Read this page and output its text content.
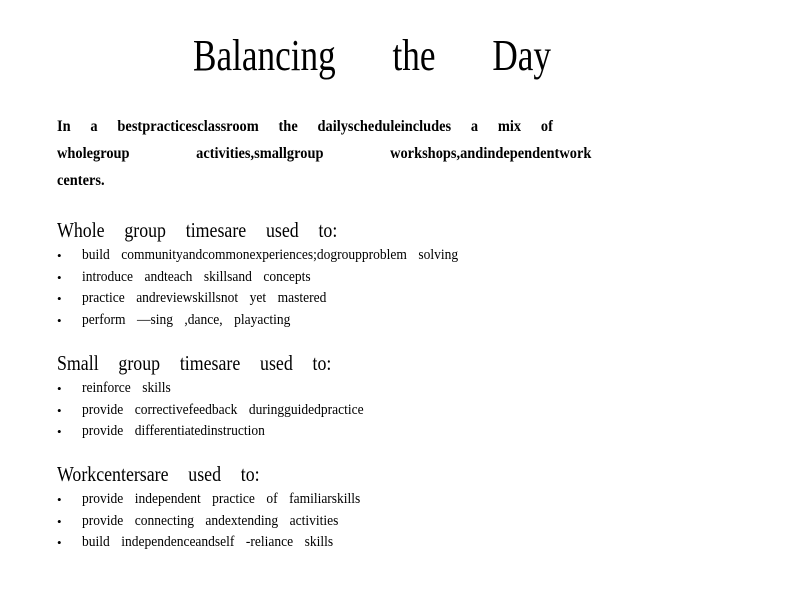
Balancing the Day
In a bestpracticesclassroom the dailyscheduleincludes a mix of
wholegroup activities,smallgroup workshops,andindependentwork
centers.
Whole group timesare used to:
• build communityandcommonexperiences;dogroupproblem solving
• introduce andteach skillsand concepts
• practice andreviewskillsnot yet mastered
• perform —sing ,dance, playacting
Small group timesare used to:
• reinforce skills
• provide correctivefeedback duringguidedpractice
• provide differentiatedinstruction
Workcentersare used to:
• provide independent practice of familiarskills
• provide connecting andextending activities
• build independenceandself -reliance skills
